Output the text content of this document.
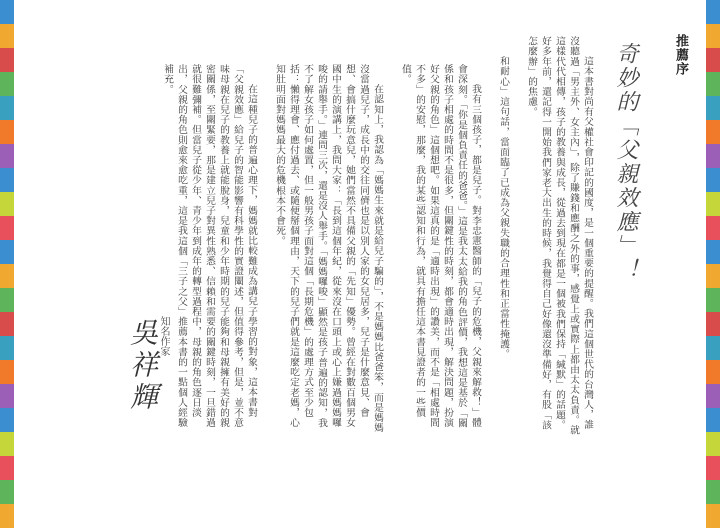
推薦序
奇妙的「父親效應」！

這本書對尚有父權社會印記的國度，是一個重要的提醒。我們這個世代的台灣人，誰沒聽過「男主外、女主內」，除了賺錢和應酬之外的事，感覺上或實際上都由太太負責。就這樣代代相傳，孩子的教養與成長，從過去到現在都是一個被我們保持「緘默」的話題。好多年前，還記得一開始我們家老大出生的時候，我覺得自己好像還沒準備好，有股「該怎麼辦」的焦慮。

和耐心」這句話，當面臨了已成為父親失職的合理性和正當性掩護。

我有三個孩子，都是兒子。對李忠憲醫師的「兒子的危機，父親來解救！」體會深刻。「你是個負責任的爸爸。」這是我太太給我的角色評價，我想這是基於「關係和孩子相處的時間不是很多，但關鍵性的時刻，都會適時出現，解決問題，扮演好父親的角色」這個想吧。如果這真的是「適時出現」的讚美，而不是「相處時間不多」的安慰，那麼，我的某些認知和行為，就具有擔任這本書見證者的一些價值。

在認知上，我認為「媽媽生來就是給兒子騙的」，不是媽媽比爸爸笨，而是媽媽沒當過兒子，成長中的交往同儕也是以別人家的女兒居多，兒子是什麼意見、會想、會搞什麼玩意兒，她們當然不具備父親的「先知」優勢。曾經在對數百個男女國中生的演講上，我問大家：「長到這個年紀，從來沒在口頭上或心上嫌過媽媽囉唆的請舉手。」連問三次，還是沒人舉手。「媽媽囉唆」顯然是孩子普遍的認知，我不了解女孩子如何處置，但一般男孩子面對這個「長期危機」的處理方式至少包括：懶得理會、應付過去、或隨便掰個理由，天下的兒子們就是這麼吃定老媽，心知肚明面對媽媽最大的危機根本不會死。

在這種兒子的普遍心理下，媽媽就比較難成為講兒子學習的對象，這本書對「父親效應」給兒子的智能影響有科學性的實證闡述，但值得參考，但是，並不意味母親在兒子的教養上就能脫身，兒童和少年時期的兒子能夠和母親擁有美好的親密關係，至關緊要，那是建立兒子對異性熟悉、信賴和需要的關鍵時刻，一旦錯過就很難彌補。但當兒子從少年、青少年到成年的轉型過程中，母親的角色逐日淡出，父親的角色則愈來愈吃重，這是我這個「三子之父」推薦本書的一點個人經驗補充。

知名作家
吳祥輝
